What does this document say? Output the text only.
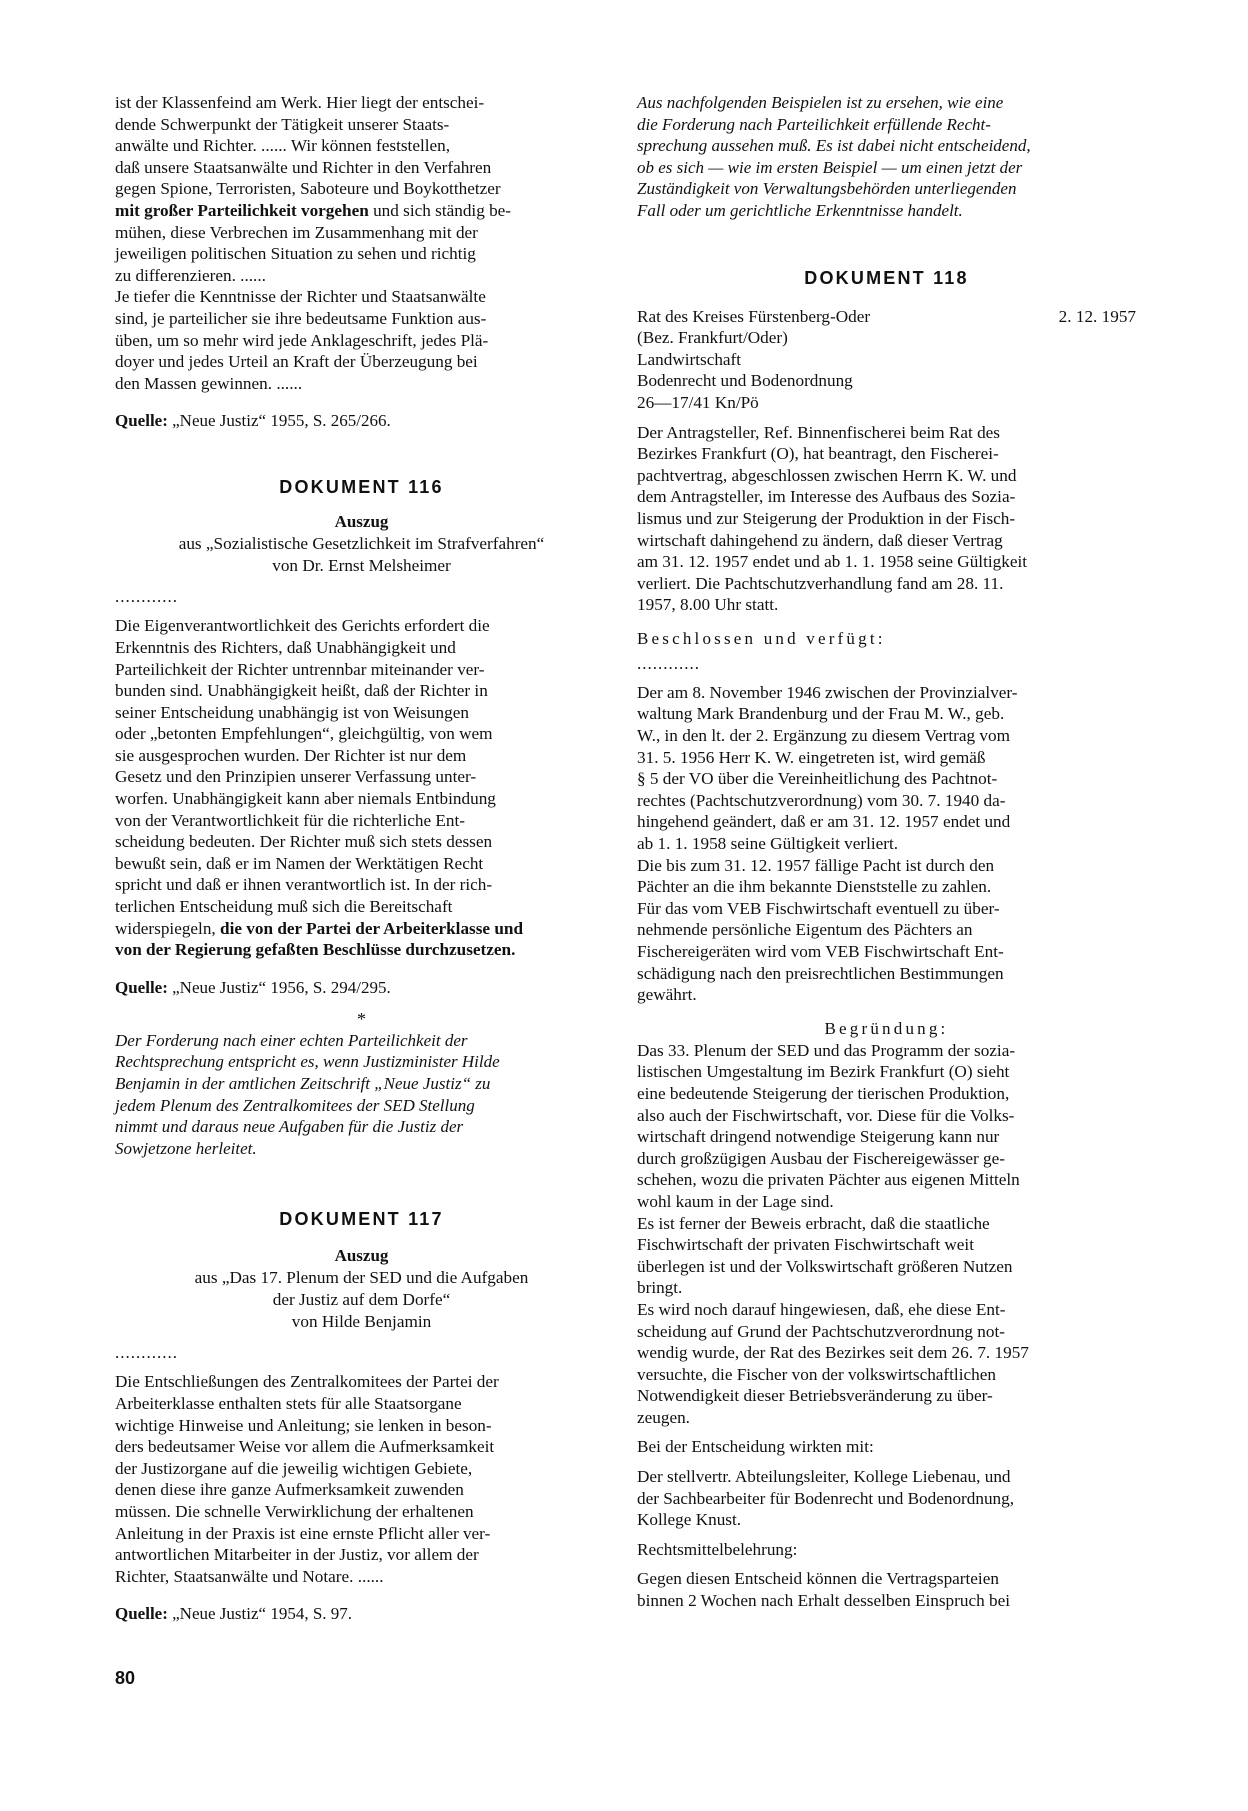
ist der Klassenfeind am Werk. Hier liegt der entschei-
dende Schwerpunkt der Tätigkeit unserer Staats-
anwälte und Richter. ...... Wir können feststellen,
daß unsere Staatsanwälte und Richter in den Verfahren
gegen Spione, Terroristen, Saboteure und Boykotthetzer
mit großer Parteilichkeit vorgehen und sich ständig be-
mühen, diese Verbrechen im Zusammenhang mit der
jeweiligen politischen Situation zu sehen und richtig
zu differenzieren. ......
Je tiefer die Kenntnisse der Richter und Staatsanwälte
sind, je parteilicher sie ihre bedeutsame Funktion aus-
üben, um so mehr wird jede Anklageschrift, jedes Plä-
doyer und jedes Urteil an Kraft der Überzeugung bei
den Massen gewinnen. ......

Quelle: „Neue Justiz“ 1955, S. 265/266.

DOKUMENT 116

Auszug

aus „Sozialistische Gesetzlichkeit im Strafverfahren“

von Dr. Ernst Melsheimer

............

Die Eigenverantwortlichkeit des Gerichts erfordert die
Erkenntnis des Richters, daß Unabhängigkeit und
Parteilichkeit der Richter untrennbar miteinander ver-
bunden sind. Unabhängigkeit heißt, daß der Richter in
seiner Entscheidung unabhängig ist von Weisungen
oder „betonten Empfehlungen“, gleichgültig, von wem
sie ausgesprochen wurden. Der Richter ist nur dem
Gesetz und den Prinzipien unserer Verfassung unter-
worfen. Unabhängigkeit kann aber niemals Entbindung
von der Verantwortlichkeit für die richterliche Ent-
scheidung bedeuten. Der Richter muß sich stets dessen
bewußt sein, daß er im Namen der Werktätigen Recht
spricht und daß er ihnen verantwortlich ist. In der rich-
terlichen Entscheidung muß sich die Bereitschaft
widerspiegeln, die von der Partei der Arbeiterklasse und
von der Regierung gefaßten Beschlüsse durchzusetzen.

Quelle: „Neue Justiz“ 1956, S. 294/295.

*

Der Forderung nach einer echten Parteilichkeit der
Rechtsprechung entspricht es, wenn Justizminister Hilde
Benjamin in der amtlichen Zeitschrift „Neue Justiz“ zu
jedem Plenum des Zentralkomitees der SED Stellung
nimmt und daraus neue Aufgaben für die Justiz der
Sowjetzone herleitet.
DOKUMENT 117

Auszug

aus „Das 17. Plenum der SED und die Aufgaben

der Justiz auf dem Dorfe“

von Hilde Benjamin

............

Die Entschließungen des Zentralkomitees der Partei der
Arbeiterklasse enthalten stets für alle Staatsorgane
wichtige Hinweise und Anleitung; sie lenken in beson-
ders bedeutsamer Weise vor allem die Aufmerksamkeit
der Justizorgane auf die jeweilig wichtigen Gebiete,
denen diese ihre ganze Aufmerksamkeit zuwenden
müssen. Die schnelle Verwirklichung der erhaltenen
Anleitung in der Praxis ist eine ernste Pflicht aller ver-
antwortlichen Mitarbeiter in der Justiz, vor allem der
Richter, Staatsanwälte und Notare. ......

Quelle: „Neue Justiz“ 1954, S. 97.

Aus nachfolgenden Beispielen ist zu ersehen, wie eine
die Forderung nach Parteilichkeit erfüllende Recht-
sprechung aussehen muß. Es ist dabei nicht entscheidend,
ob es sich — wie im ersten Beispiel — um einen jetzt der
Zuständigkeit von Verwaltungsbehörden unterliegenden
Fall oder um gerichtliche Erkenntnisse handelt.
DOKUMENT 118
Rat des Kreises Fürstenberg-Oder	2. 12. 1957
(Bez. Frankfurt/Oder)
Landwirtschaft
Bodenrecht und Bodenordnung
26—17/41 Kn/Pö
Der Antragsteller, Ref. Binnenfischerei beim Rat des
Bezirkes Frankfurt (O), hat beantragt, den Fischerei-
pachtvertrag, abgeschlossen zwischen Herrn K. W. und
dem Antragsteller, im Interesse des Aufbaus des Sozia-
lismus und zur Steigerung der Produktion in der Fisch-
wirtschaft dahingehend zu ändern, daß dieser Vertrag
am 31. 12. 1957 endet und ab 1. 1. 1958 seine Gültigkeit
verliert. Die Pachtschutzverhandlung fand am 28. 11.
1957, 8.00 Uhr statt.

Beschlossen und verfügt:

............

Der am 8. November 1946 zwischen der Provinzialver-
waltung Mark Brandenburg und der Frau M. W., geb.
W., in den lt. der 2. Ergänzung zu diesem Vertrag vom
31. 5. 1956 Herr K. W. eingetreten ist, wird gemäß
§ 5 der VO über die Vereinheitlichung des Pachtnot-
rechtes (Pachtschutzverordnung) vom 30. 7. 1940 da-
hingehend geändert, daß er am 31. 12. 1957 endet und
ab 1. 1. 1958 seine Gültigkeit verliert.
Die bis zum 31. 12. 1957 fällige Pacht ist durch den
Pächter an die ihm bekannte Dienststelle zu zahlen.
Für das vom VEB Fischwirtschaft eventuell zu über-
nehmende persönliche Eigentum des Pächters an
Fischereigeräten wird vom VEB Fischwirtschaft Ent-
schädigung nach den preisrechtlichen Bestimmungen
gewährt.

Begründung:

Das 33. Plenum der SED und das Programm der sozia-
listischen Umgestaltung im Bezirk Frankfurt (O) sieht
eine bedeutende Steigerung der tierischen Produktion,
also auch der Fischwirtschaft, vor. Diese für die Volks-
wirtschaft dringend notwendige Steigerung kann nur
durch großzügigen Ausbau der Fischereigewässer ge-
schehen, wozu die privaten Pächter aus eigenen Mitteln
wohl kaum in der Lage sind.
Es ist ferner der Beweis erbracht, daß die staatliche
Fischwirtschaft der privaten Fischwirtschaft weit
überlegen ist und der Volkswirtschaft größeren Nutzen
bringt.
Es wird noch darauf hingewiesen, daß, ehe diese Ent-
scheidung auf Grund der Pachtschutzverordnung not-
wendig wurde, der Rat des Bezirkes seit dem 26. 7. 1957
versuchte, die Fischer von der volkswirtschaftlichen
Notwendigkeit dieser Betriebsveränderung zu über-
zeugen.

Bei der Entscheidung wirkten mit:

Der stellvertr. Abteilungsleiter, Kollege Liebenau, und
der Sachbearbeiter für Bodenrecht und Bodenordnung,
Kollege Knust.

Rechtsmittelbelehrung:

Gegen diesen Entscheid können die Vertragsparteien
binnen 2 Wochen nach Erhalt desselben Einspruch bei
80
